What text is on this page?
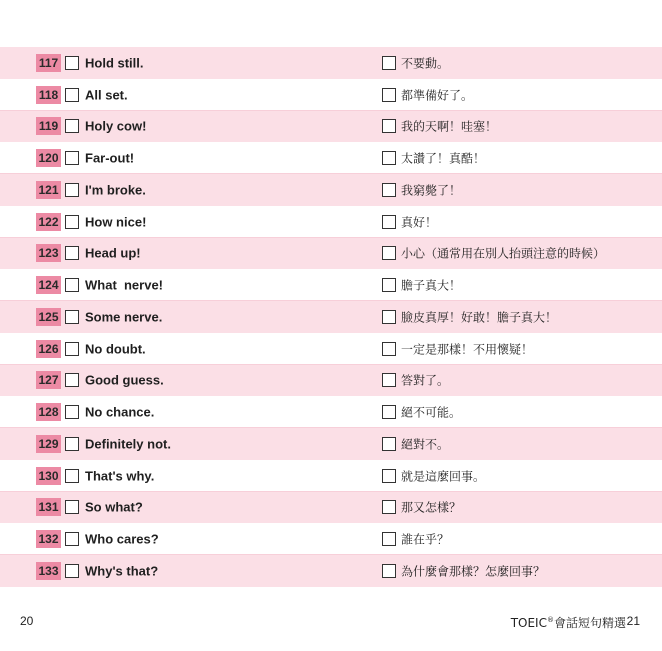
117 Hold still.	不要動。
118 All set.	都準備好了。
119 Holy cow!	我的天啊！哇塞！
120 Far-out!	太讚了！真酷！
121 I'm broke.	我窮斃了！
122 How nice!	真好！
123 Head up!	小心（通常用在別人抬頭注意的時候）
124 What  nerve!	膽子真大！
125 Some nerve.	臉皮真厚！好敢！膽子真大！
126 No doubt.	一定是那樣！不用懷疑！
127 Good guess.	答對了。
128 No chance.	絕不可能。
129 Definitely not.	絕對不。
130 That's why.	就是這麼回事。
131 So what?	那又怎樣？
132 Who cares?	誰在乎？
133 Why's that?	為什麼會那樣？怎麼回事？
20	TOEIC®會話短句精選 21
